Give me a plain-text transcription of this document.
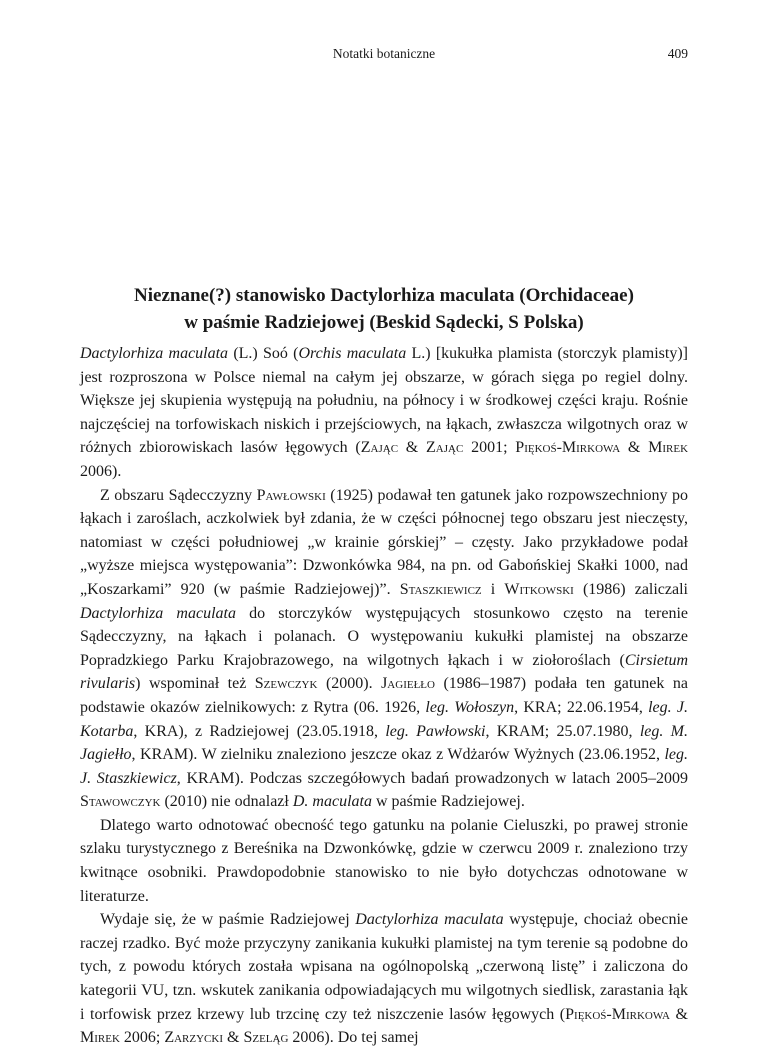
Notatki botaniczne	409
Nieznane(?) stanowisko Dactylorhiza maculata (Orchidaceae)
w paśmie Radziejowej (Beskid Sądecki, S Polska)

Dactylorhiza maculata (L.) Soó (Orchis maculata L.) [kukułka plamista (storczyk plamisty)] jest rozproszona w Polsce niemal na całym jej obszarze, w górach sięga po regiel dolny. Większe jej skupienia występują na południu, na północy i w środkowej części kraju. Rośnie najczęściej na torfowiskach niskich i przejściowych, na łąkach, zwłaszcza wilgotnych oraz w różnych zbiorowiskach lasów łęgowych (Zając & Zając 2001; Piękoś-Mirkowa & Mirek 2006).

Z obszaru Sądecczyzny Pawłowski (1925) podawał ten gatunek jako rozpowszechniony po łąkach i zaroślach, aczkolwiek był zdania, że w części północnej tego obszaru jest nieczęsty, natomiast w części południowej „w krainie górskiej” – częsty. Jako przykładowe podał „wyższe miejsca występowania”: Dzwonkówka 984, na pn. od Gabońskiej Skałki 1000, nad „Koszarkami” 920 (w paśmie Radziejowej)”. Staszkiewicz i Witkowski (1986) zaliczali Dactylorhiza maculata do storczyków występujących stosunkowo często na terenie Sądecczyzny, na łąkach i polanach. O występowaniu kukułki plamistej na obszarze Popradzkiego Parku Krajobrazowego, na wilgotnych łąkach i w ziołoroślach (Cirsietum rivularis) wspominał też Szewczyk (2000). Jagiełło (1986–1987) podała ten gatunek na podstawie okazów zielnikowych: z Rytra (06. 1926, leg. Wołoszyn, KRA; 22.06.1954, leg. J. Kotarba, KRA), z Radziejowej (23.05.1918, leg. Pawłowski, KRAM; 25.07.1980, leg. M. Jagiełło, KRAM). W zielniku znaleziono jeszcze okaz z Wdżarów Wyżnych (23.06.1952, leg. J. Staszkiewicz, KRAM). Podczas szczegółowych badań prowadzonych w latach 2005–2009 Stawowczyk (2010) nie odnalazł D. maculata w paśmie Radziejowej.

Dlatego warto odnotować obecność tego gatunku na polanie Cieluszki, po prawej stronie szlaku turystycznego z Bereśnika na Dzwonkówkę, gdzie w czerwcu 2009 r. znaleziono trzy kwitnące osobniki. Prawdopodobnie stanowisko to nie było dotychczas odnotowane w literaturze.

Wydaje się, że w paśmie Radziejowej Dactylorhiza maculata występuje, chociaż obecnie raczej rzadko. Być może przyczyny zanikania kukułki plamistej na tym terenie są podobne do tych, z powodu których została wpisana na ogólnopolską „czerwoną listę” i zaliczona do kategorii VU, tzn. wskutek zanikania odpowiadających mu wilgotnych siedlisk, zarastania łąk i torfowisk przez krzewy lub trzcinę czy też niszczenie lasów łęgowych (Piękoś-Mirkowa & Mirek 2006; Zarzycki & Szeląg 2006). Do tej samej
